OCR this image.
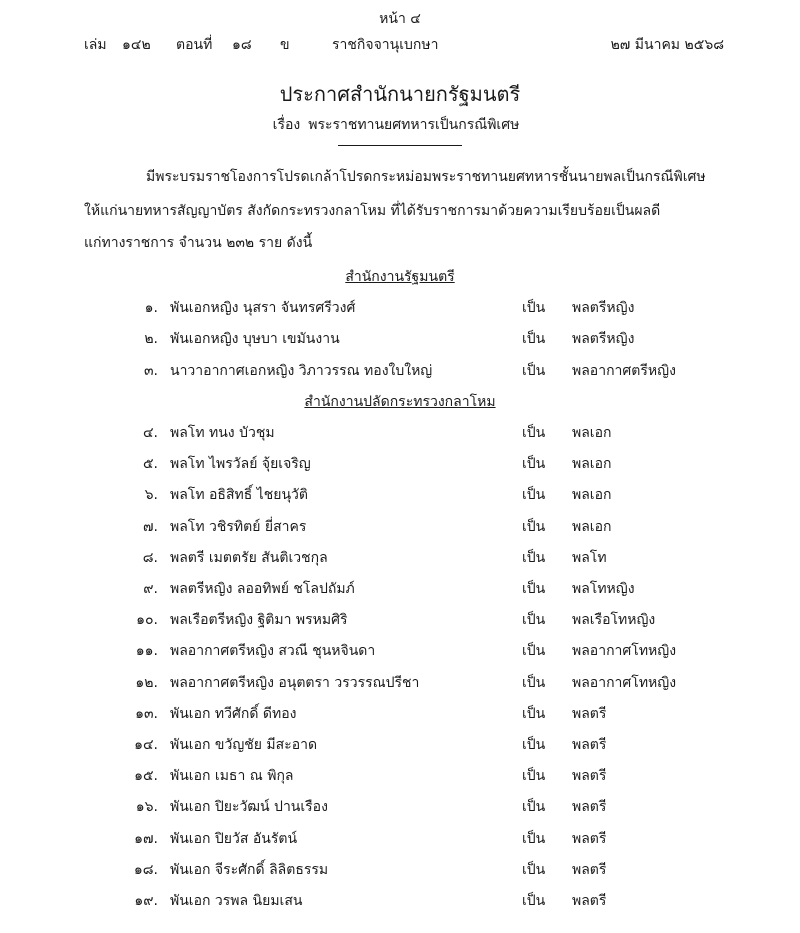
หน้า ๔
เล่ม ๑๔๒ ตอนที่ ๑๘ ข	ราชกิจจานุเบกษา	๒๗ มีนาคม ๒๕๖๘
ประกาศสำนักนายกรัฐมนตรี
เรื่อง พระราชทานยศทหารเป็นกรณีพิเศษ
มีพระบรมราชโองการโปรดเกล้าโปรดกระหม่อมพระราชทานยศทหารชั้นนายพลเป็นกรณีพิเศษ
ให้แก่นายทหารสัญญาบัตร สังกัดกระทรวงกลาโหม ที่ได้รับราชการมาด้วยความเรียบร้อยเป็นผลดี
แก่ทางราชการ จำนวน ๒๓๒ ราย ดังนี้
สำนักงานรัฐมนตรี
๑. พันเอกหญิง นุสรา จันทรศรีวงศ์	เป็น พลตรีหญิง
๒. พันเอกหญิง บุษบา เขมันงาน	เป็น พลตรีหญิง
๓. นาวาอากาศเอกหญิง วิภาวรรณ ทองใบใหญ่	เป็น พลอากาศตรีหญิง
สำนักงานปลัดกระทรวงกลาโหม
๔. พลโท ทนง บัวชุม	เป็น พลเอก
๕. พลโท ไพรวัลย์ จุ้ยเจริญ	เป็น พลเอก
๖. พลโท อธิสิทธิ์ ไชยนุวัติ	เป็น พลเอก
๗. พลโท วชิรทิตย์ ยี่สาคร	เป็น พลเอก
๘. พลตรี เมตตรัย สันติเวชกุล	เป็น พลโท
๙. พลตรีหญิง ลออทิพย์ ชโลปถัมภ์	เป็น พลโทหญิง
๑๐. พลเรือตรีหญิง ฐิติมา พรหมศิริ	เป็น พลเรือโทหญิง
๑๑. พลอากาศตรีหญิง สวณี ชุนหจินดา	เป็น พลอากาศโทหญิง
๑๒. พลอากาศตรีหญิง อนุตตรา วรวรรณปรีชา	เป็น พลอากาศโทหญิง
๑๓. พันเอก ทวีศักดิ์ ดีทอง	เป็น พลตรี
๑๔. พันเอก ขวัญชัย มีสะอาด	เป็น พลตรี
๑๕. พันเอก เมธา ณ พิกุล	เป็น พลตรี
๑๖. พันเอก ปิยะวัฒน์ ปานเรือง	เป็น พลตรี
๑๗. พันเอก ปิยวัส อันรัตน์	เป็น พลตรี
๑๘. พันเอก จีระศักดิ์ ลิลิตธรรม	เป็น พลตรี
๑๙. พันเอก วรพล นิยมเสน	เป็น พลตรี
